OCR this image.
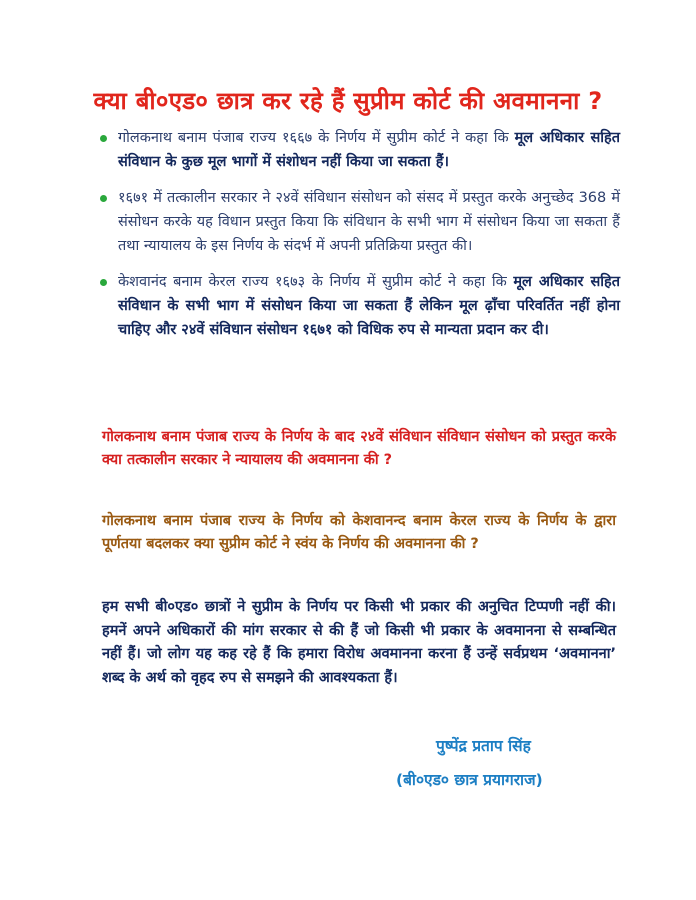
क्या बी०एड० छात्र कर रहे हैं सुप्रीम कोर्ट की अवमानना ?
गोलकनाथ बनाम पंजाब राज्य १६६७ के निर्णय में सुप्रीम कोर्ट ने कहा कि मूल अधिकार सहित संविधान के कुछ मूल भागों में संशोधन नहीं किया जा सकता हैं।
१६७१ में तत्कालीन सरकार ने २४वें संविधान संसोधन को संसद में प्रस्तुत करके अनुच्छेद 368 में संसोधन करके यह विधान प्रस्तुत किया कि संविधान के सभी भाग में संसोधन किया जा सकता हैं तथा न्यायालय के इस निर्णय के संदर्भ में अपनी प्रतिक्रिया प्रस्तुत की।
केशवानंद बनाम केरल राज्य १६७३ के निर्णय में सुप्रीम कोर्ट ने कहा कि मूल अधिकार सहित संविधान के सभी भाग में संसोधन किया जा सकता हैं लेकिन मूल ढ़ाँचा परिवर्तित नहीं होना चाहिए और २४वें संविधान संसोधन १६७१ को विधिक रुप से मान्यता प्रदान कर दी।
गोलकनाथ बनाम पंजाब राज्य के निर्णय के बाद २४वें संविधान संविधान संसोधन को प्रस्तुत करके क्या तत्कालीन सरकार ने न्यायालय की अवमानना की ?
गोलकनाथ बनाम पंजाब राज्य के निर्णय को केशवानन्द बनाम केरल राज्य के निर्णय के द्वारा पूर्णतया बदलकर क्या सुप्रीम कोर्ट ने स्वंय के निर्णय की अवमानना की ?
हम सभी बी०एड० छात्रों ने सुप्रीम के निर्णय पर किसी भी प्रकार की अनुचित टिप्पणी नहीं की। हमनें अपने अधिकारों की मांग सरकार से की हैं जो किसी भी प्रकार के अवमानना से सम्बन्धित नहीं हैं। जो लोग यह कह रहे हैं कि हमारा विरोध अवमानना करना हैं उन्हें सर्वप्रथम ‘अवमानना’ शब्द के अर्थ को वृहद रुप से समझने की आवश्यकता हैं।
पुष्पेंद्र प्रताप सिंह
(बी०एड० छात्र प्रयागराज)
